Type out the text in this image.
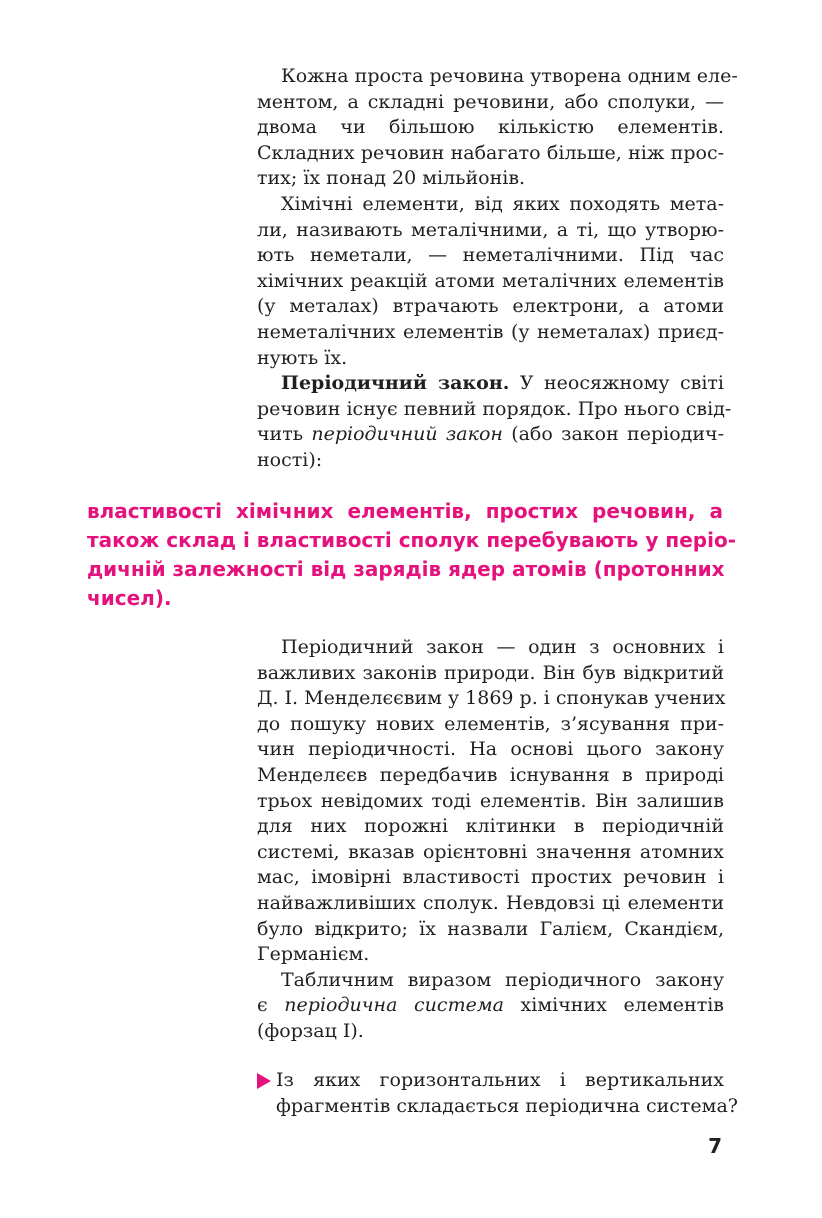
Кожна проста речовина утворена одним еле-
ментом, а складні речовини, або сполуки, —
двома чи більшою кількістю елементів.
Складних речовин набагато більше, ніж прос-
тих; їх понад 20 мільйонів.
Хімічні елементи, від яких походять мета-
ли, називають металічними, а ті, що утворю-
ють неметали, — неметалічними. Під час
хімічних реакцій атоми металічних елементів
(у металах) втрачають електрони, а атоми
неметалічних елементів (у неметалах) приєд-
нують їх.
Періодичний закон. У неосяжному світі
речовин існує певний порядок. Про нього свід-
чить періодичний закон (або закон періодич-
ності):
властивості хімічних елементів, простих речовин, а
також склад і властивості сполук перебувають у періо-
дичній залежності від зарядів ядер атомів (протонних
чисел).
Періодичний закон — один з основних і
важливих законів природи. Він був відкритий
Д. І. Менделєєвим у 1869 р. і спонукав учених
до пошуку нових елементів, з’ясування при-
чин періодичності. На основі цього закону
Менделєєв передбачив існування в природі
трьох невідомих тоді елементів. Він залишив
для них порожні клітинки в періодичній
системі, вказав орієнтовні значення атомних
мас, імовірні властивості простих речовин і
найважливіших сполук. Невдовзі ці елементи
було відкрито; їх назвали Галієм, Скандієм,
Германієм.
Табличним виразом періодичного закону
є періодична система хімічних елементів
(форзац І).
Із яких горизонтальних і вертикальних
фрагментів складається періодична система?
7
